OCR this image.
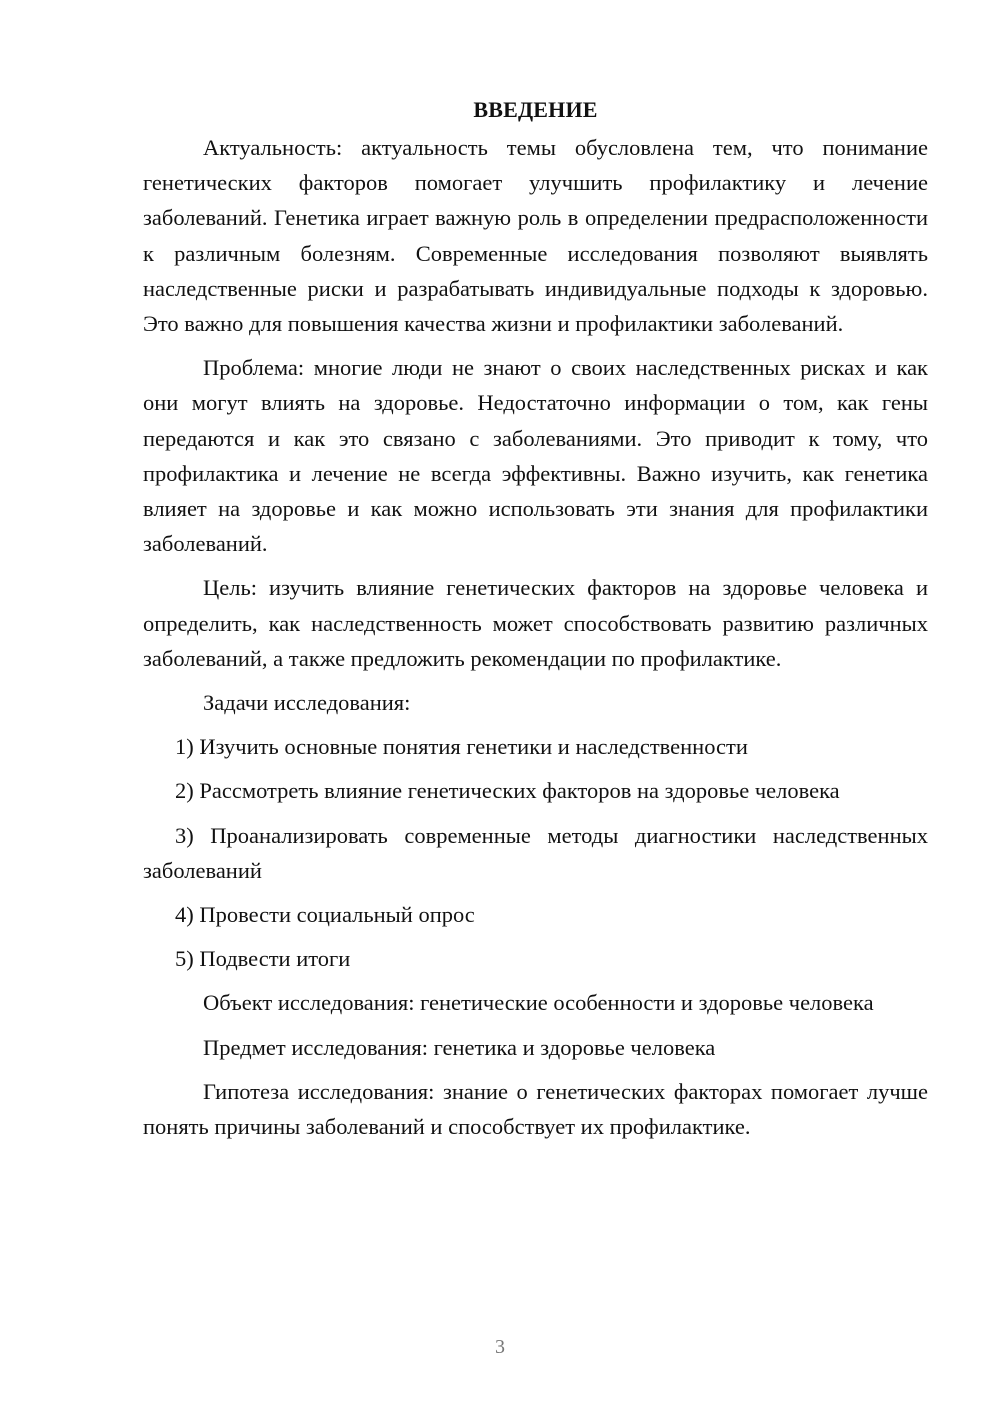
ВВЕДЕНИЕ

Актуальность: актуальность темы обусловлена тем, что понимание генетических факторов помогает улучшить профилактику и лечение заболеваний. Генетика играет важную роль в определении предрасположенности к различным болезням. Современные исследования позволяют выявлять наследственные риски и разрабатывать индивидуальные подходы к здоровью. Это важно для повышения качества жизни и профилактики заболеваний.

Проблема: многие люди не знают о своих наследственных рисках и как они могут влиять на здоровье. Недостаточно информации о том, как гены передаются и как это связано с заболеваниями. Это приводит к тому, что профилактика и лечение не всегда эффективны. Важно изучить, как генетика влияет на здоровье и как можно использовать эти знания для профилактики заболеваний.

Цель: изучить влияние генетических факторов на здоровье человека и определить, как наследственность может способствовать развитию различных заболеваний, а также предложить рекомендации по профилактике.

Задачи исследования:

1) Изучить основные понятия генетики и наследственности

2) Рассмотреть влияние генетических факторов на здоровье человека

3) Проанализировать современные методы диагностики наследственных заболеваний

4) Провести социальный опрос

5) Подвести итоги

Объект исследования: генетические особенности и здоровье человека

Предмет исследования: генетика и здоровье человека

Гипотеза исследования: знание о генетических факторах помогает лучше понять причины заболеваний и способствует их профилактике.

3
